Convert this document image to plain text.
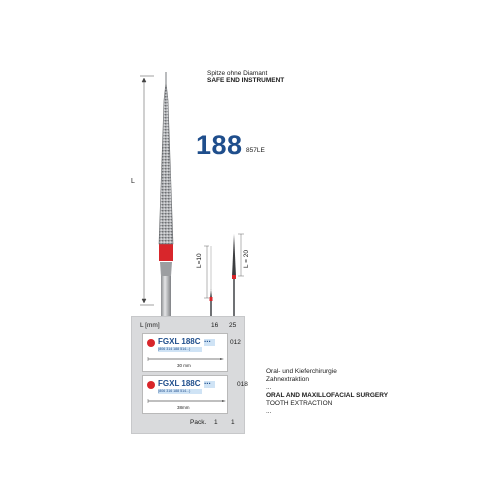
Spitze ohne Diamant
SAFE END INSTRUMENT
188 857LE
L
L=10	L = 20
L [mm]	16 25
FGXL 188C ...
(806 314 188 514...)
30 mm
012
FGXL 188C ...
(806 316 188 514...)
38mm
018
Pack. 1 1
Oral- und Kieferchirurgie
Zahnextraktion
...
ORAL AND MAXILLOFACIAL SURGERY
TOOTH EXTRACTION
...
